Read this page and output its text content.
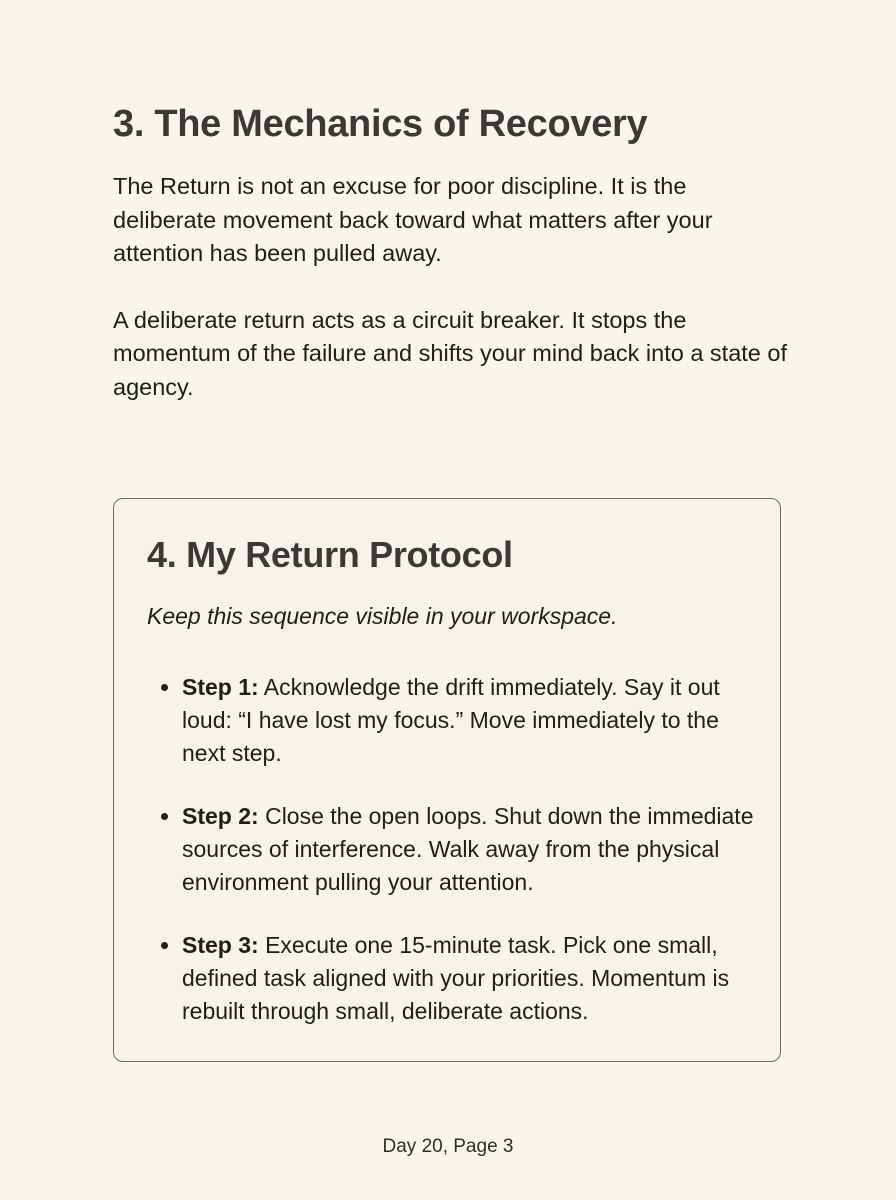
3. The Mechanics of Recovery

The Return is not an excuse for poor discipline. It is the deliberate movement back toward what matters after your attention has been pulled away.

A deliberate return acts as a circuit breaker. It stops the momentum of the failure and shifts your mind back into a state of agency.

4. My Return Protocol

Keep this sequence visible in your workspace.

Step 1: Acknowledge the drift immediately. Say it out loud: “I have lost my focus.” Move immediately to the next step.
Step 2: Close the open loops. Shut down the immediate sources of interference. Walk away from the physical environment pulling your attention.
Step 3: Execute one 15-minute task. Pick one small, defined task aligned with your priorities. Momentum is rebuilt through small, deliberate actions.
Day 20, Page 3
